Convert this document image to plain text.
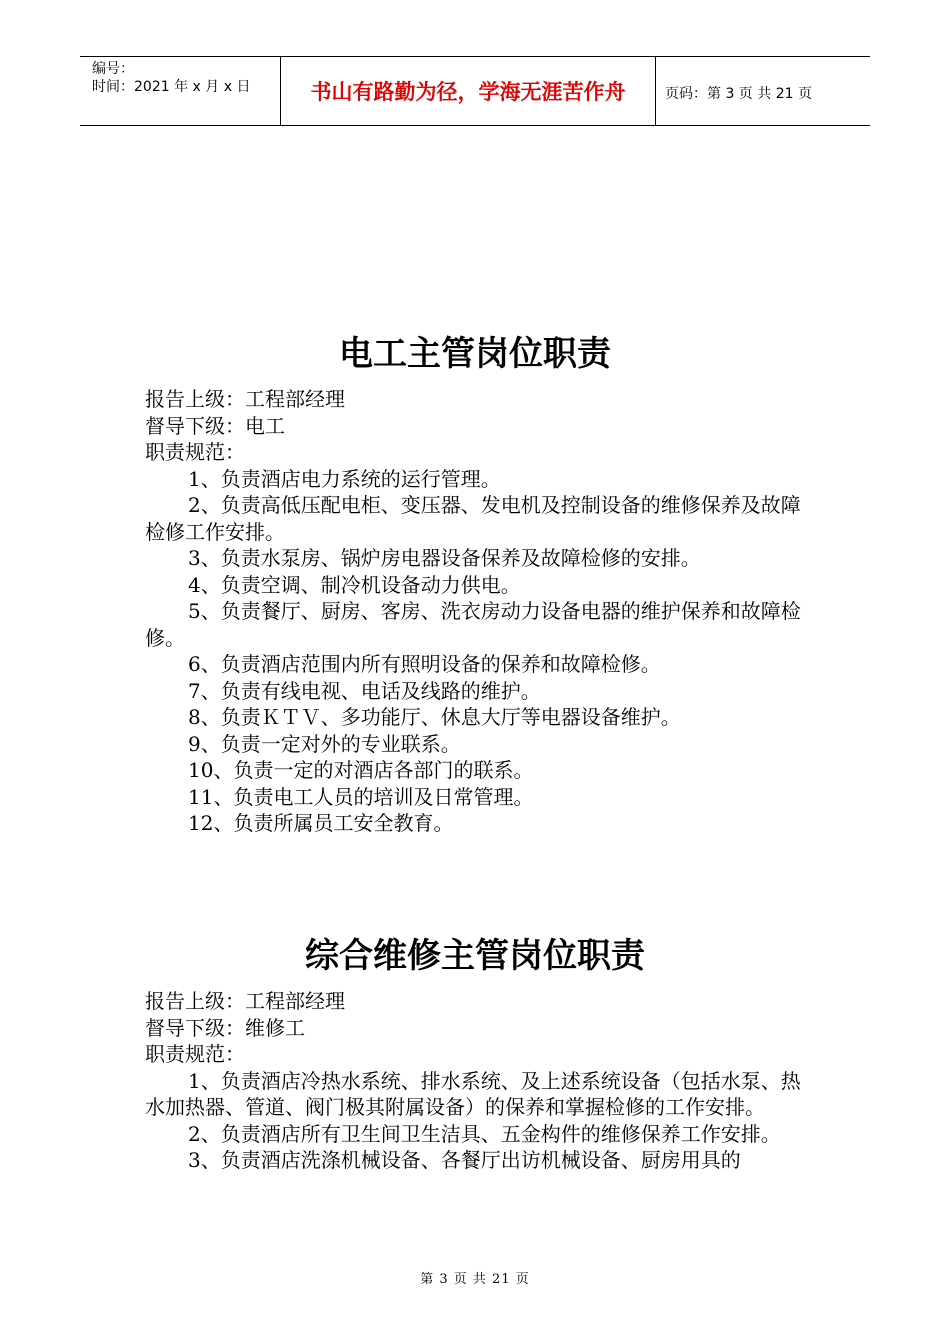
编号：
时间：2021 年 x 月 x 日	书山有路勤为径，学海无涯苦作舟	页码：第 3 页 共 21 页
电工主管岗位职责

报告上级：工程部经理

督导下级：电工

职责规范：

1、负责酒店电力系统的运行管理。

2、负责高低压配电柜、变压器、发电机及控制设备的维修保养及故障检修工作安排。

3、负责水泵房、锅炉房电器设备保养及故障检修的安排。

4、负责空调、制冷机设备动力供电。

5、负责餐厅、厨房、客房、洗衣房动力设备电器的维护保养和故障检修。

6、负责酒店范围内所有照明设备的保养和故障检修。

7、负责有线电视、电话及线路的维护。

8、负责ＫＴＶ、多功能厅、休息大厅等电器设备维护。

9、负责一定对外的专业联系。

10、负责一定的对酒店各部门的联系。

11、负责电工人员的培训及日常管理。

12、负责所属员工安全教育。

综合维修主管岗位职责

报告上级：工程部经理

督导下级：维修工

职责规范：

1、负责酒店冷热水系统、排水系统、及上述系统设备（包括水泵、热水加热器、管道、阀门极其附属设备）的保养和掌握检修的工作安排。

2、负责酒店所有卫生间卫生洁具、五金构件的维修保养工作安排。

3、负责酒店洗涤机械设备、各餐厅出访机械设备、厨房用具的

第 3 页 共 21 页
